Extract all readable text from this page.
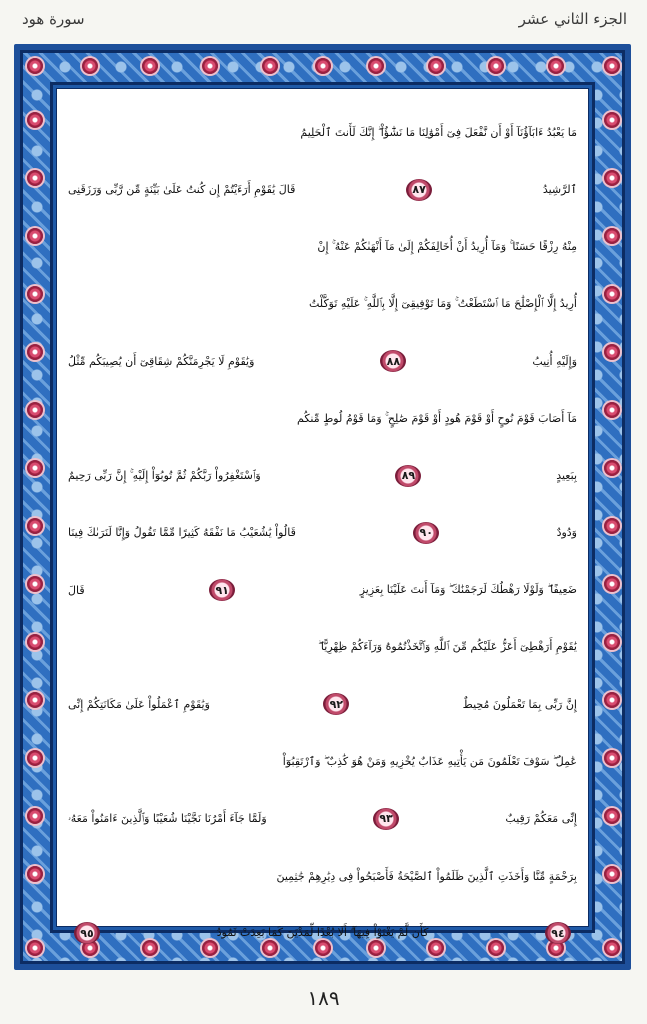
الجزء الثاني عشر
سورة هود
مَا يَعْبُدُ ءَابَآؤُنَآ أَوْ أَن نَّفْعَلَ فِىٓ أَمْوَٰلِنَا مَا نَشَٰٓؤُاْ ۖ إِنَّكَ لَأَنتَ ٱلْحَلِيمُ
ٱلرَّشِيدُ
٨٧
قَالَ يَٰقَوْمِ أَرَءَيْتُمْ إِن كُنتُ عَلَىٰ بَيِّنَةٍ مِّن رَّبِّى وَرَزَقَنِى
مِنْهُ رِزْقًا حَسَنًا ۚ وَمَآ أُرِيدُ أَنْ أُخَالِفَكُمْ إِلَىٰ مَآ أَنْهَىٰكُمْ عَنْهُ ۚ إِنْ
أُرِيدُ إِلَّا ٱلْإِصْلَٰحَ مَا ٱسْتَطَعْتُ ۚ وَمَا تَوْفِيقِىٓ إِلَّا بِٱللَّهِ ۚ عَلَيْهِ تَوَكَّلْتُ
وَإِلَيْهِ أُنِيبُ
٨٨
وَيَٰقَوْمِ لَا يَجْرِمَنَّكُمْ شِقَاقِىٓ أَن يُصِيبَكُم مِّثْلُ
مَآ أَصَابَ قَوْمَ نُوحٍ أَوْ قَوْمَ هُودٍ أَوْ قَوْمَ صَٰلِحٍ ۚ وَمَا قَوْمُ لُوطٍ مِّنكُم
بِبَعِيدٍ
٨٩
وَٱسْتَغْفِرُواْ رَبَّكُمْ ثُمَّ تُوبُوٓاْ إِلَيْهِ ۚ إِنَّ رَبِّى رَحِيمٌ
وَدُودٌ
٩٠
قَالُواْ يَٰشُعَيْبُ مَا نَفْقَهُ كَثِيرًا مِّمَّا تَقُولُ وَإِنَّا لَنَرَىٰكَ فِينَا
ضَعِيفًا ۖ وَلَوْلَا رَهْطُكَ لَرَجَمْنَٰكَ ۖ وَمَآ أَنتَ عَلَيْنَا بِعَزِيزٍ
٩١
قَالَ
يَٰقَوْمِ أَرَهْطِىٓ أَعَزُّ عَلَيْكُم مِّنَ ٱللَّهِ وَٱتَّخَذْتُمُوهُ وَرَآءَكُمْ ظِهْرِيًّا ۖ
إِنَّ رَبِّى بِمَا تَعْمَلُونَ مُحِيطٌ
٩٢
وَيَٰقَوْمِ ٱعْمَلُواْ عَلَىٰ مَكَانَتِكُمْ إِنِّى
عَٰمِلٌ ۖ سَوْفَ تَعْلَمُونَ مَن يَأْتِيهِ عَذَابٌ يُخْزِيهِ وَمَنْ هُوَ كَٰذِبٌ ۖ وَٱرْتَقِبُوٓاْ
إِنِّى مَعَكُمْ رَقِيبٌ
٩٣
وَلَمَّا جَآءَ أَمْرُنَا نَجَّيْنَا شُعَيْبًا وَٱلَّذِينَ ءَامَنُواْ مَعَهُۥ
بِرَحْمَةٍ مِّنَّا وَأَخَذَتِ ٱلَّذِينَ ظَلَمُواْ ٱلصَّيْحَةُ فَأَصْبَحُواْ فِى دِيَٰرِهِمْ جَٰثِمِينَ
٩٤
كَأَن لَّمْ يَغْنَوْاْ فِيهَآ ۗ أَلَا بُعْدًا لِّمَدْيَنَ كَمَا بَعِدَتْ ثَمُودُ
٩٥
١٨٩
